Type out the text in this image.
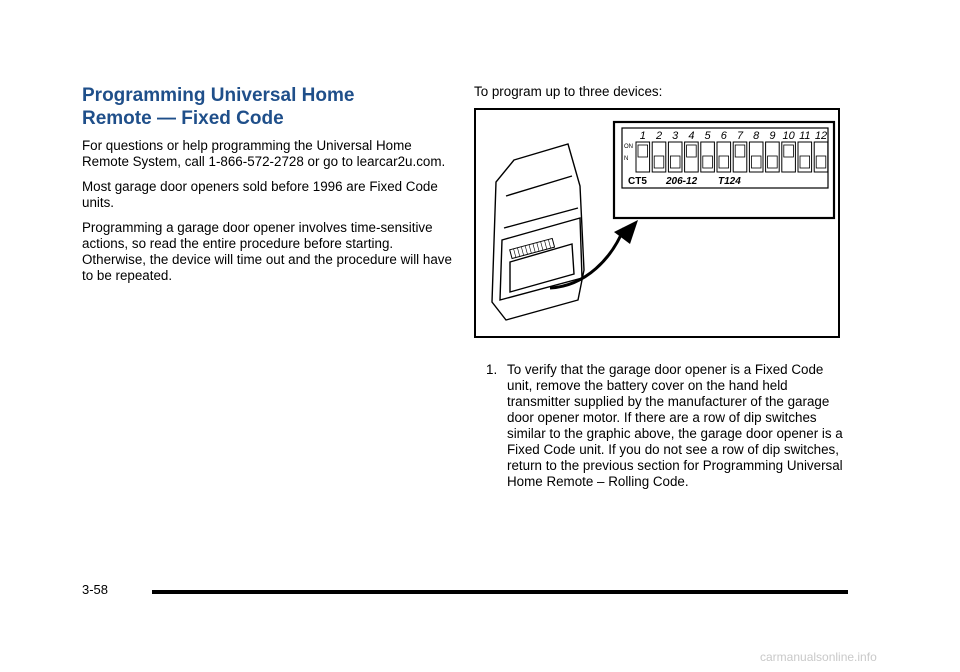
Programming Universal Home
Remote — Fixed Code

For questions or help programming the Universal Home Remote System, call 1-866-572-2728 or go to learcar2u.com.

Most garage door openers sold before 1996 are Fixed Code units.

Programming a garage door opener involves time-sensitive actions, so read the entire procedure before starting. Otherwise, the device will time out and the procedure will have to be repeated.

To program up to three devices:

1 2 3 4 5 6 7 8 9 10 11 12
ON
N
CT5 206-12 T124
1. To verify that the garage door opener is a Fixed Code unit, remove the battery cover on the hand held transmitter supplied by the manufacturer of the garage door opener motor. If there are a row of dip switches similar to the graphic above, the garage door opener is a Fixed Code unit. If you do not see a row of dip switches, return to the previous section for Programming Universal Home Remote – Rolling Code.
3-58
carmanualsonline.info
